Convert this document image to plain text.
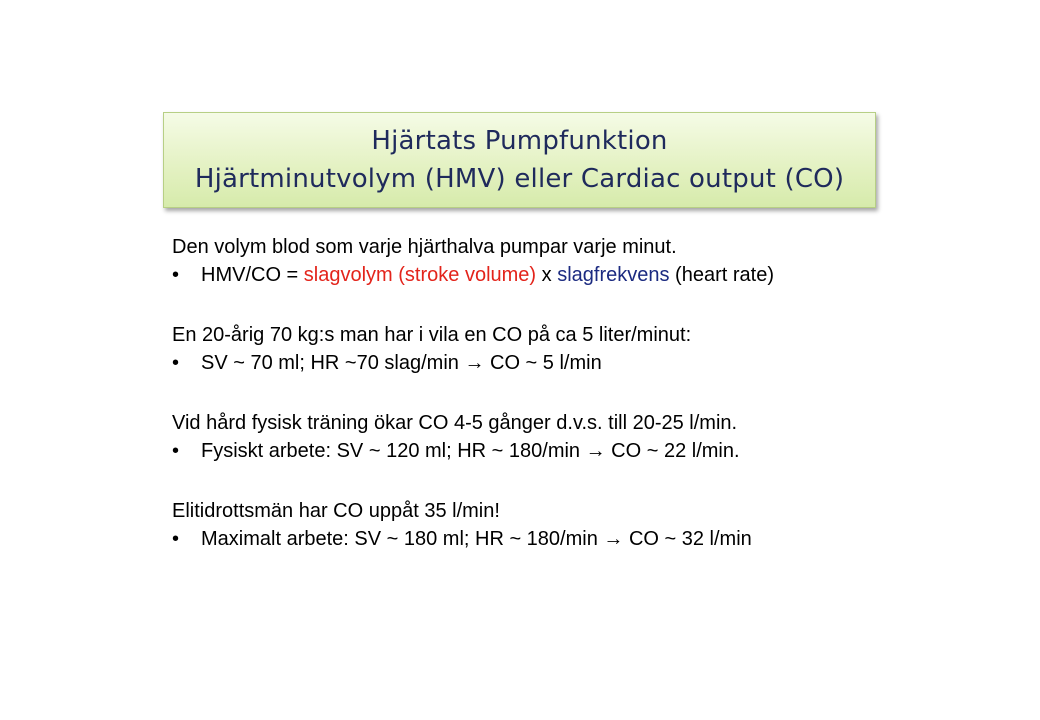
Hjärtats Pumpfunktion
Hjärtminutvolym (HMV) eller Cardiac output (CO)
Den volym blod som varje hjärthalva pumpar varje minut.
• HMV/CO = slagvolym (stroke volume) x slagfrekvens (heart rate)
En 20-årig 70 kg:s man har i vila en CO på ca 5 liter/minut:
• SV ~ 70 ml; HR ~70 slag/min → CO ~ 5 l/min
Vid hård fysisk träning ökar CO 4-5 gånger d.v.s. till 20-25 l/min.
• Fysiskt arbete: SV ~ 120 ml; HR ~ 180/min → CO ~ 22 l/min.
Elitidrottsmän har CO uppåt 35 l/min!
• Maximalt arbete: SV ~ 180 ml; HR ~ 180/min → CO ~ 32 l/min
